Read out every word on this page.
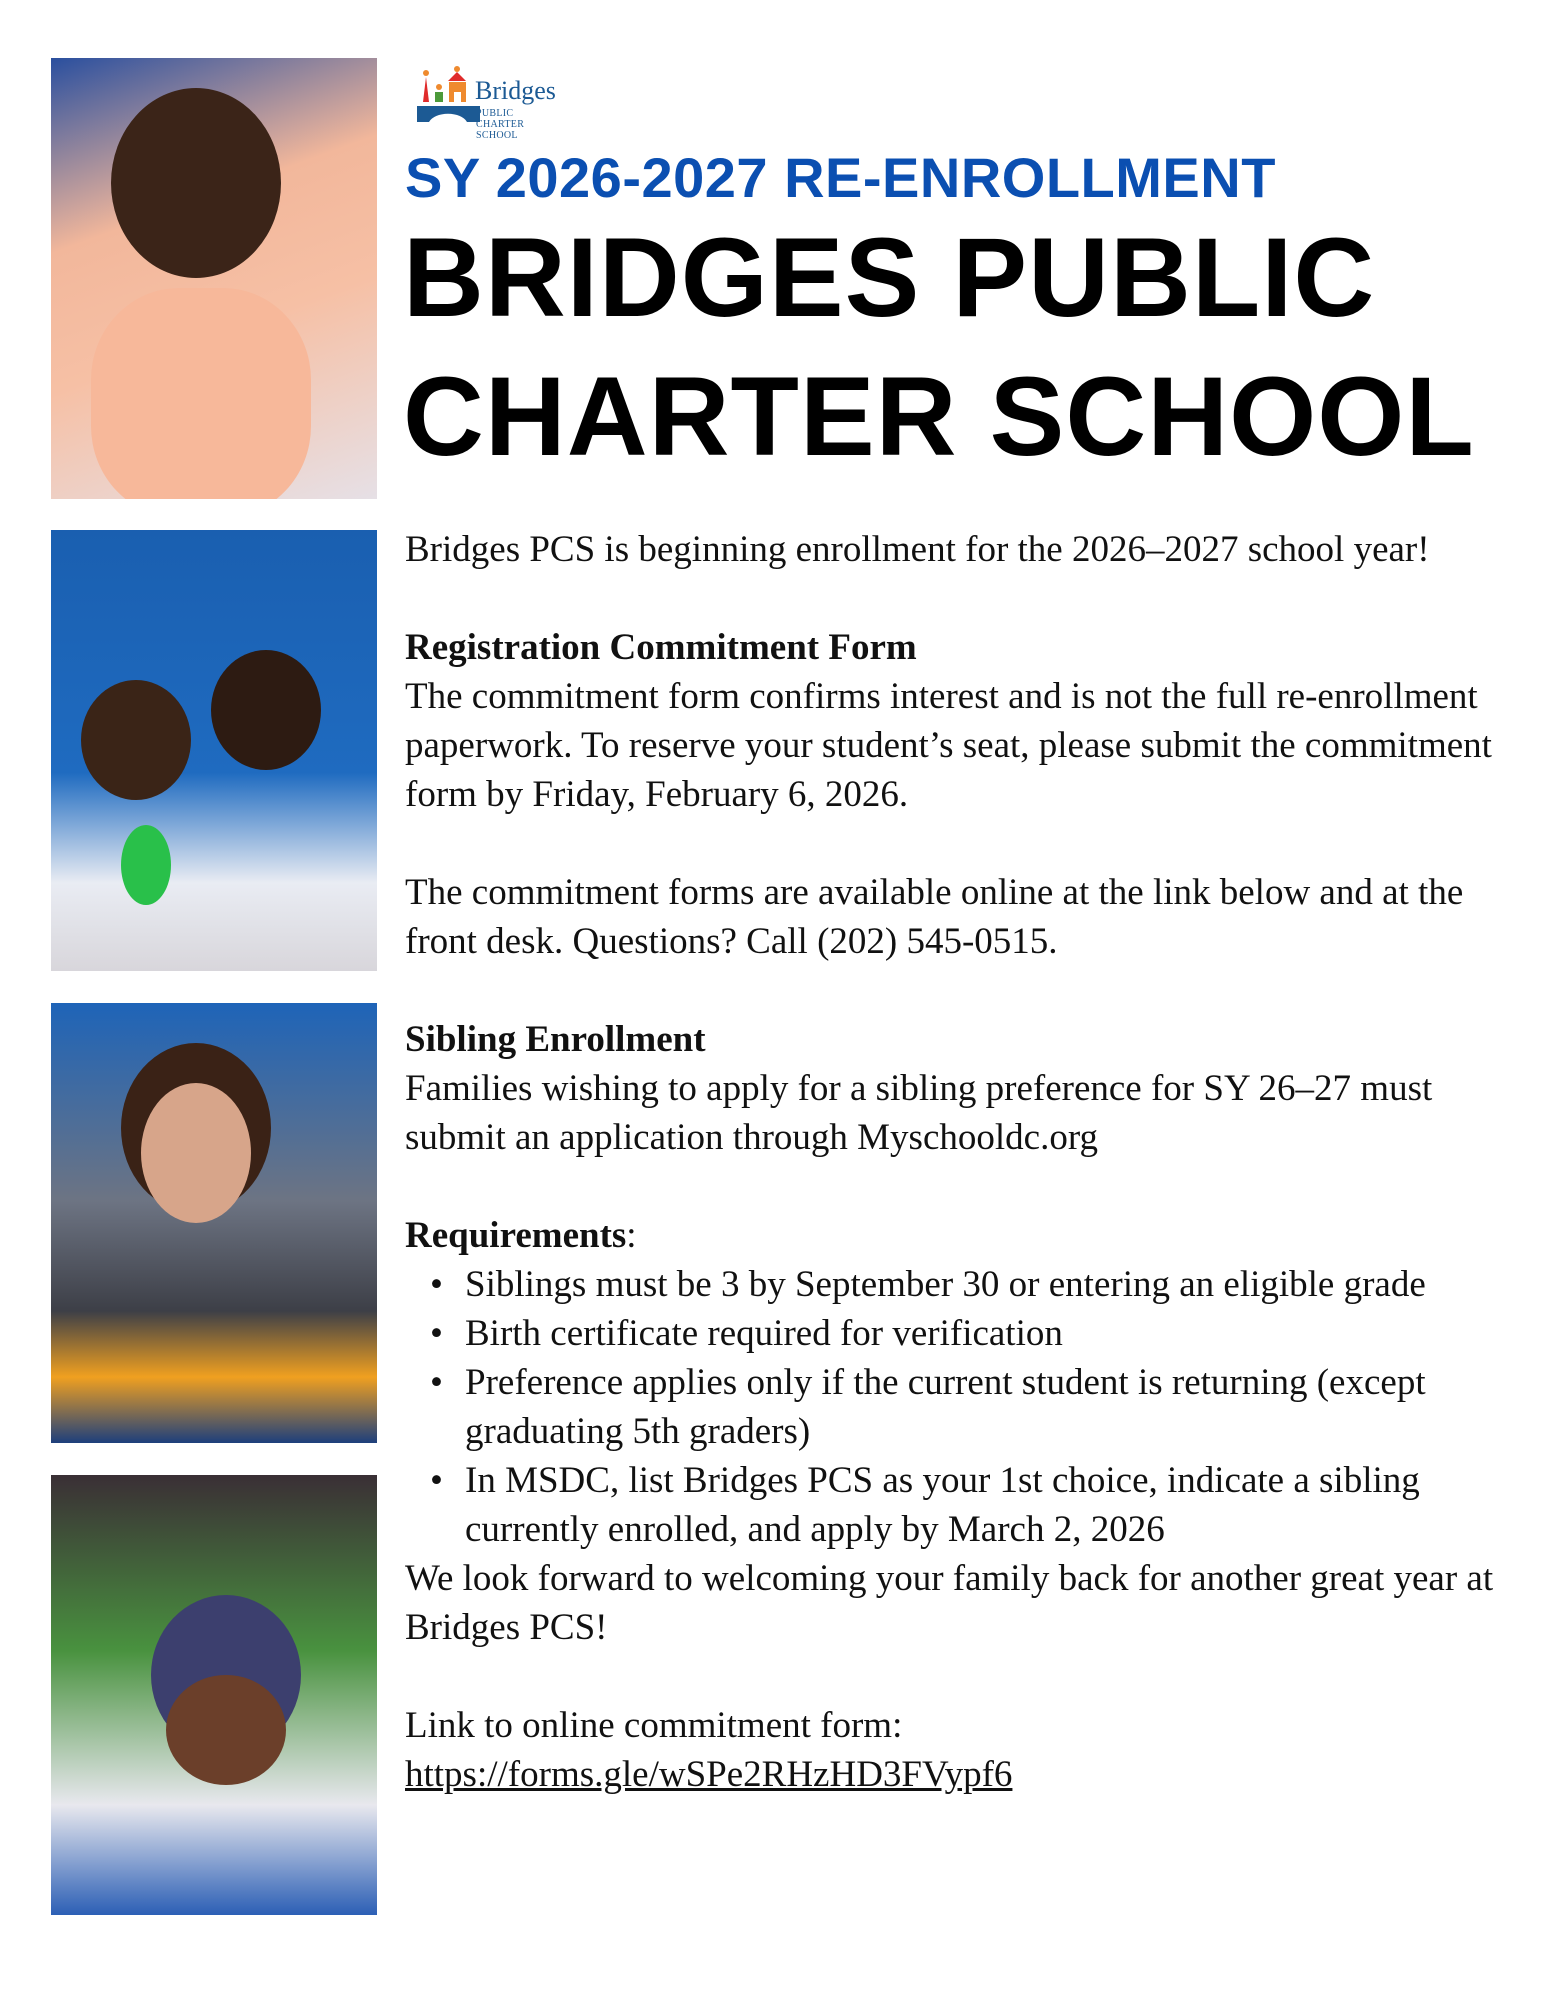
Bridges
PUBLIC
CHARTER
SCHOOL
SY 2026-2027 RE-ENROLLMENT
BRIDGES PUBLIC
CHARTER SCHOOL

Bridges PCS is beginning enrollment for the 2026–2027 school year!

Registration Commitment Form

The commitment form confirms interest and is not the full re-enrollment paperwork. To reserve your student’s seat, please submit the commitment form by Friday, February 6, 2026.

The commitment forms are available online at the link below and at the front desk. Questions? Call (202) 545-0515.

Sibling Enrollment

Families wishing to apply for a sibling preference for SY 26–27 must submit an application through Myschooldc.org

Requirements:

• Siblings must be 3 by September 30 or entering an eligible grade
• Birth certificate required for verification
• Preference applies only if the current student is returning (except graduating 5th graders)
• In MSDC, list Bridges PCS as your 1st choice, indicate a sibling currently enrolled, and apply by March 2, 2026

We look forward to welcoming your family back for another great year at Bridges PCS!

Link to online commitment form:

https://forms.gle/wSPe2RHzHD3FVypf6
